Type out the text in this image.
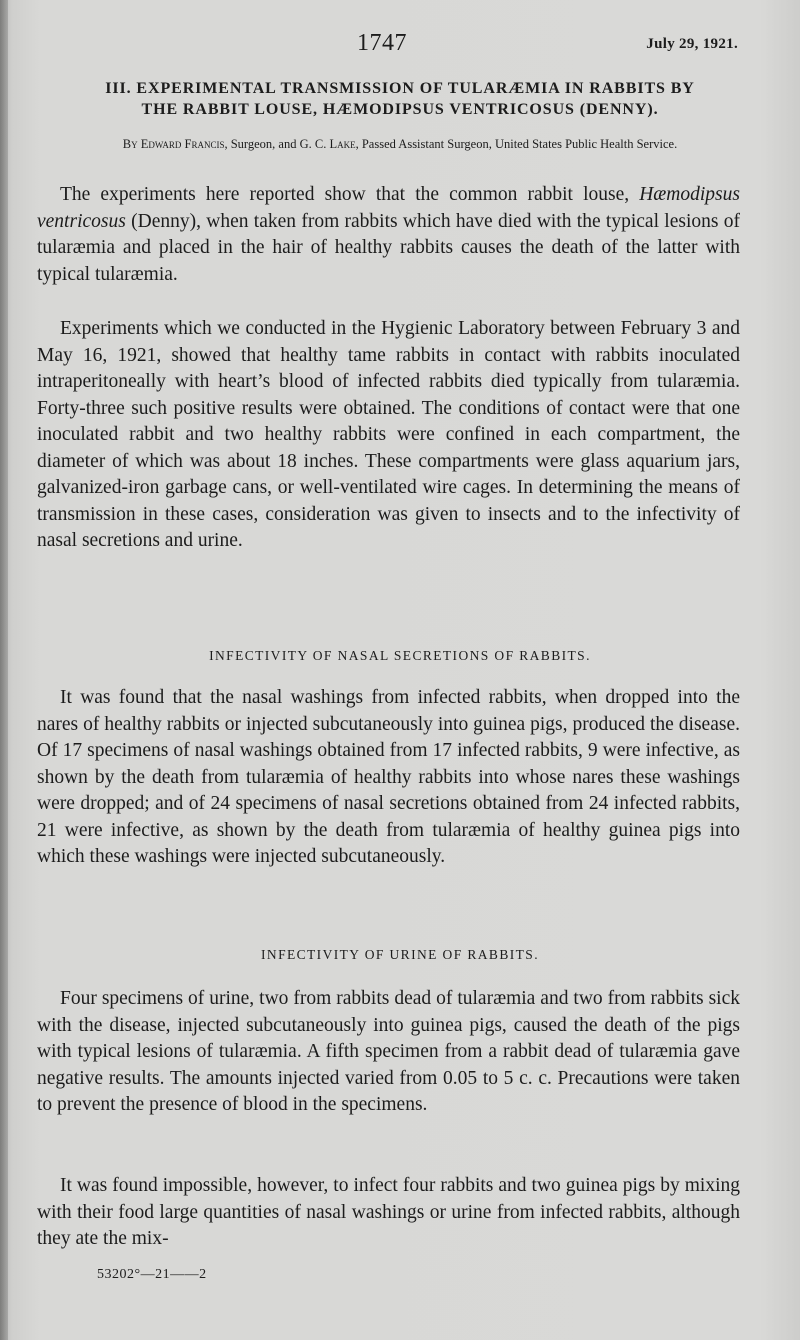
1747	July 29, 1921.
III. EXPERIMENTAL TRANSMISSION OF TULARÆMIA IN RABBITS BY
THE RABBIT LOUSE, HÆMODIPSUS VENTRICOSUS (DENNY).
By Edward Francis, Surgeon, and G. C. Lake, Passed Assistant Surgeon, United States Public Health Service.

The experiments here reported show that the common rabbit louse, Hæmodipsus ventricosus (Denny), when taken from rabbits which have died with the typical lesions of tularæmia and placed in the hair of healthy rabbits causes the death of the latter with typical tularæmia.

Experiments which we conducted in the Hygienic Laboratory between February 3 and May 16, 1921, showed that healthy tame rabbits in contact with rabbits inoculated intraperitoneally with heart’s blood of infected rabbits died typically from tularæmia. Forty-three such positive results were obtained. The conditions of contact were that one inoculated rabbit and two healthy rabbits were confined in each compartment, the diameter of which was about 18 inches. These compartments were glass aquarium jars, galvanized-iron garbage cans, or well-ventilated wire cages. In determining the means of transmission in these cases, consideration was given to insects and to the infectivity of nasal secretions and urine.

INFECTIVITY OF NASAL SECRETIONS OF RABBITS.

It was found that the nasal washings from infected rabbits, when dropped into the nares of healthy rabbits or injected subcutaneously into guinea pigs, produced the disease. Of 17 specimens of nasal washings obtained from 17 infected rabbits, 9 were infective, as shown by the death from tularæmia of healthy rabbits into whose nares these washings were dropped; and of 24 specimens of nasal secretions obtained from 24 infected rabbits, 21 were infective, as shown by the death from tularæmia of healthy guinea pigs into which these washings were injected subcutaneously.

INFECTIVITY OF URINE OF RABBITS.

Four specimens of urine, two from rabbits dead of tularæmia and two from rabbits sick with the disease, injected subcutaneously into guinea pigs, caused the death of the pigs with typical lesions of tularæmia. A fifth specimen from a rabbit dead of tularæmia gave negative results. The amounts injected varied from 0.05 to 5 c. c. Precautions were taken to prevent the presence of blood in the specimens.

It was found impossible, however, to infect four rabbits and two guinea pigs by mixing with their food large quantities of nasal washings or urine from infected rabbits, although they ate the mix-

53202°—21——2
